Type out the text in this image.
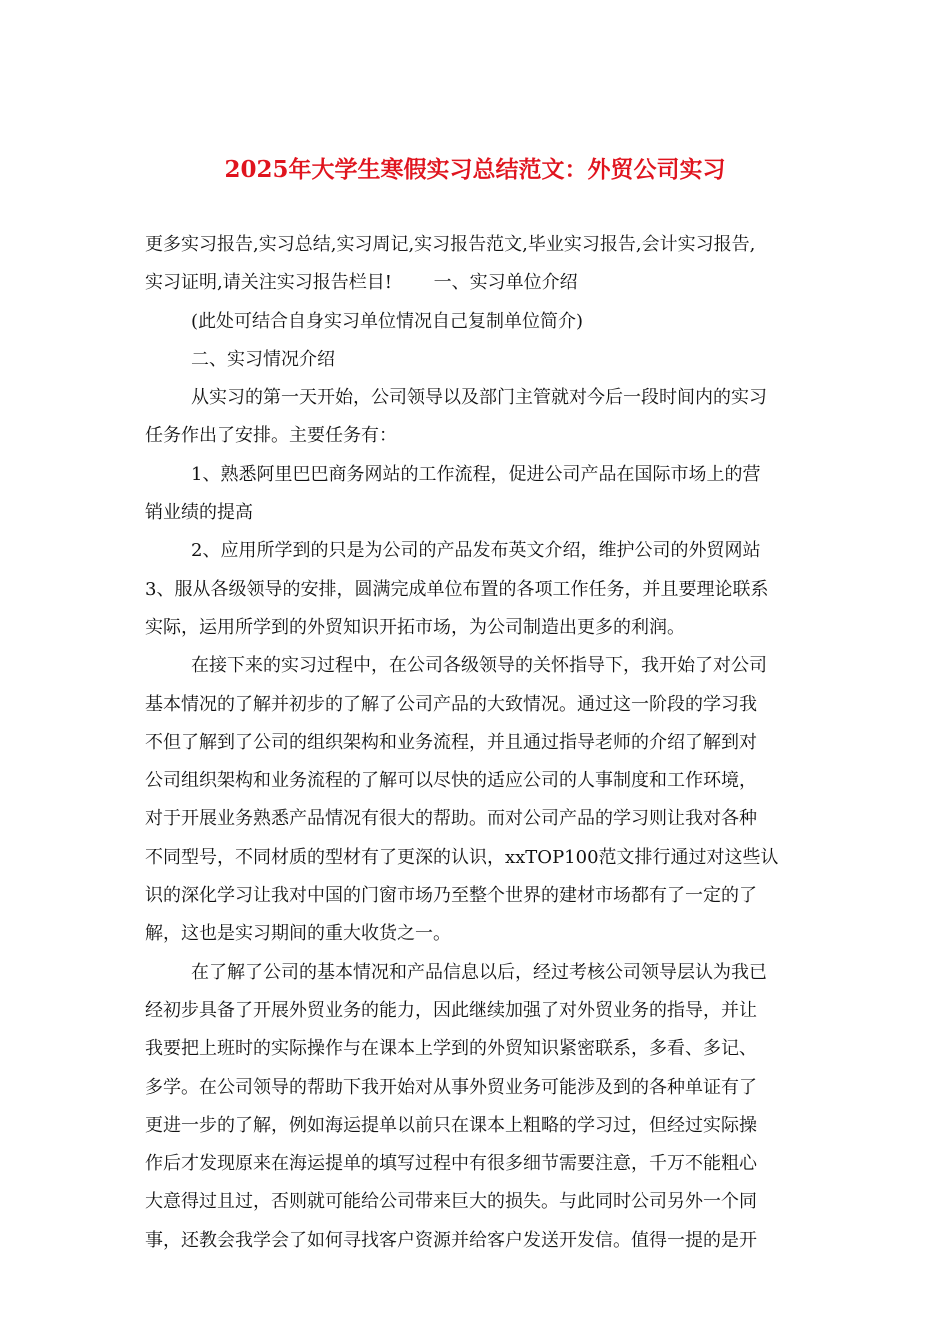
2025年大学生寒假实习总结范文：外贸公司实习
更多实习报告,实习总结,实习周记,实习报告范文,毕业实习报告,会计实习报告,
实习证明,请关注实习报告栏目!　　 一、实习单位介绍
(此处可结合自身实习单位情况自己复制单位简介)
二、实习情况介绍
从实习的第一天开始，公司领导以及部门主管就对今后一段时间内的实习
任务作出了安排。主要任务有：
1、熟悉阿里巴巴商务网站的工作流程，促进公司产品在国际市场上的营
销业绩的提高
2、应用所学到的只是为公司的产品发布英文介绍，维护公司的外贸网站
3、服从各级领导的安排，圆满完成单位布置的各项工作任务，并且要理论联系
实际，运用所学到的外贸知识开拓市场，为公司制造出更多的利润。
在接下来的实习过程中，在公司各级领导的关怀指导下，我开始了对公司
基本情况的了解并初步的了解了公司产品的大致情况。通过这一阶段的学习我
不但了解到了公司的组织架构和业务流程，并且通过指导老师的介绍了解到对
公司组织架构和业务流程的了解可以尽快的适应公司的人事制度和工作环境，
对于开展业务熟悉产品情况有很大的帮助。而对公司产品的学习则让我对各种
不同型号，不同材质的型材有了更深的认识，xxTOP100范文排行通过对这些认
识的深化学习让我对中国的门窗市场乃至整个世界的建材市场都有了一定的了
解，这也是实习期间的重大收货之一。
在了解了公司的基本情况和产品信息以后，经过考核公司领导层认为我已
经初步具备了开展外贸业务的能力，因此继续加强了对外贸业务的指导，并让
我要把上班时的实际操作与在课本上学到的外贸知识紧密联系，多看、多记、
多学。在公司领导的帮助下我开始对从事外贸业务可能涉及到的各种单证有了
更进一步的了解，例如海运提单以前只在课本上粗略的学习过，但经过实际操
作后才发现原来在海运提单的填写过程中有很多细节需要注意，千万不能粗心
大意得过且过，否则就可能给公司带来巨大的损失。与此同时公司另外一个同
事，还教会我学会了如何寻找客户资源并给客户发送开发信。值得一提的是开
